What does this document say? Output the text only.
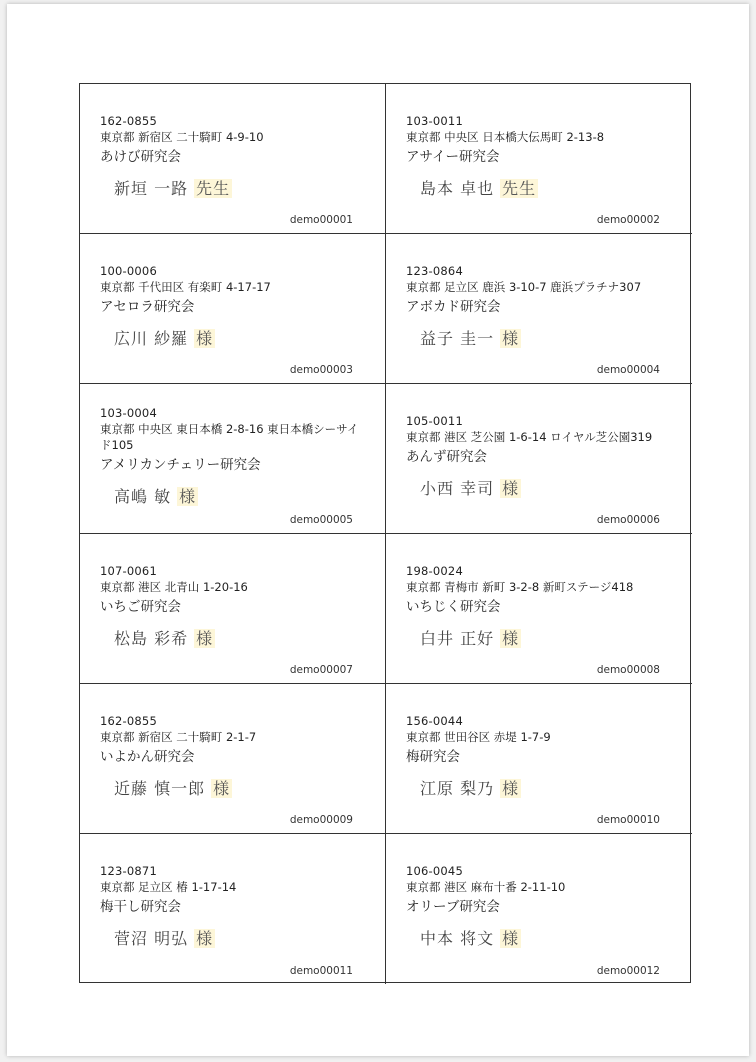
162-0855
東京都 新宿区 二十騎町 4-9-10
あけび研究会
新垣 一路 先生
demo00001
103-0011
東京都 中央区 日本橋大伝馬町 2-13-8
アサイー研究会
島本 卓也 先生
demo00002
100-0006
東京都 千代田区 有楽町 4-17-17
アセロラ研究会
広川 紗羅 様
demo00003
123-0864
東京都 足立区 鹿浜 3-10-7 鹿浜プラチナ307
アボカド研究会
益子 圭一 様
demo00004
103-0004
東京都 中央区 東日本橋 2-8-16 東日本橋シーサイド105
アメリカンチェリー研究会
高嶋 敏 様
demo00005
105-0011
東京都 港区 芝公園 1-6-14 ロイヤル芝公園319
あんず研究会
小西 幸司 様
demo00006
107-0061
東京都 港区 北青山 1-20-16
いちご研究会
松島 彩希 様
demo00007
198-0024
東京都 青梅市 新町 3-2-8 新町ステージ418
いちじく研究会
白井 正好 様
demo00008
162-0855
東京都 新宿区 二十騎町 2-1-7
いよかん研究会
近藤 慎一郎 様
demo00009
156-0044
東京都 世田谷区 赤堤 1-7-9
梅研究会
江原 梨乃 様
demo00010
123-0871
東京都 足立区 椿 1-17-14
梅干し研究会
菅沼 明弘 様
demo00011
106-0045
東京都 港区 麻布十番 2-11-10
オリーブ研究会
中本 将文 様
demo00012
